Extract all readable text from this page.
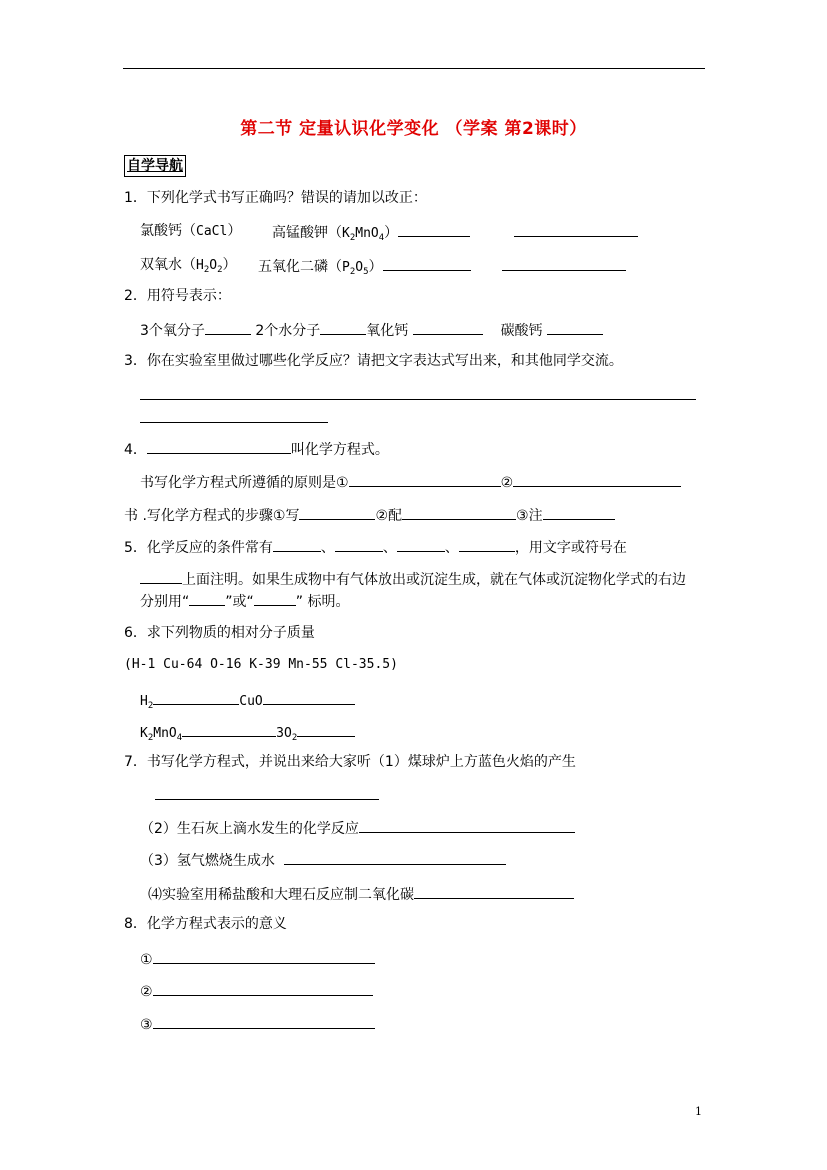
第二节 定量认识化学变化 （学案 第2课时）
自学导航
1．下列化学式书写正确吗？错误的请加以改正：
氯酸钙（CaCl） 高锰酸钾$(K_2MnO_4)$
双氧水$(H_2O_2)$ 五氧化二磷$(P_2O_5)$
2．用符号表示：
3个氧分子	2个水分子	氧化钙	碳酸钙
3．你在实验室里做过哪些化学反应？请把文字表达式写出来，和其他同学交流。
4．	叫化学方程式。
书写化学方程式所遵循的原则是①	②
书 .写化学方程式的步骤①写	②配	③注
5．化学反应的条件常有	、	、	、	，用文字或符号在
上面注明。如果生成物中有气体放出或沉淀生成，就在气体或沉淀物化学式的右边
分别用“	”或“	” 标明。
6．求下列物质的相对分子质量
(H-1 Cu-64 O-16 K-39 Mn-55 Cl-35.5)
$H_2$	CuO
$K_2MnO_4$	$3O_2$
7．书写化学方程式，并说出来给大家听（1）煤球炉上方蓝色火焰的产生
（2）生石灰上滴水发生的化学反应
（3）氢气燃烧生成水
⑷实验室用稀盐酸和大理石反应制二氧化碳
8．化学方程式表示的意义
①
②
③
1
